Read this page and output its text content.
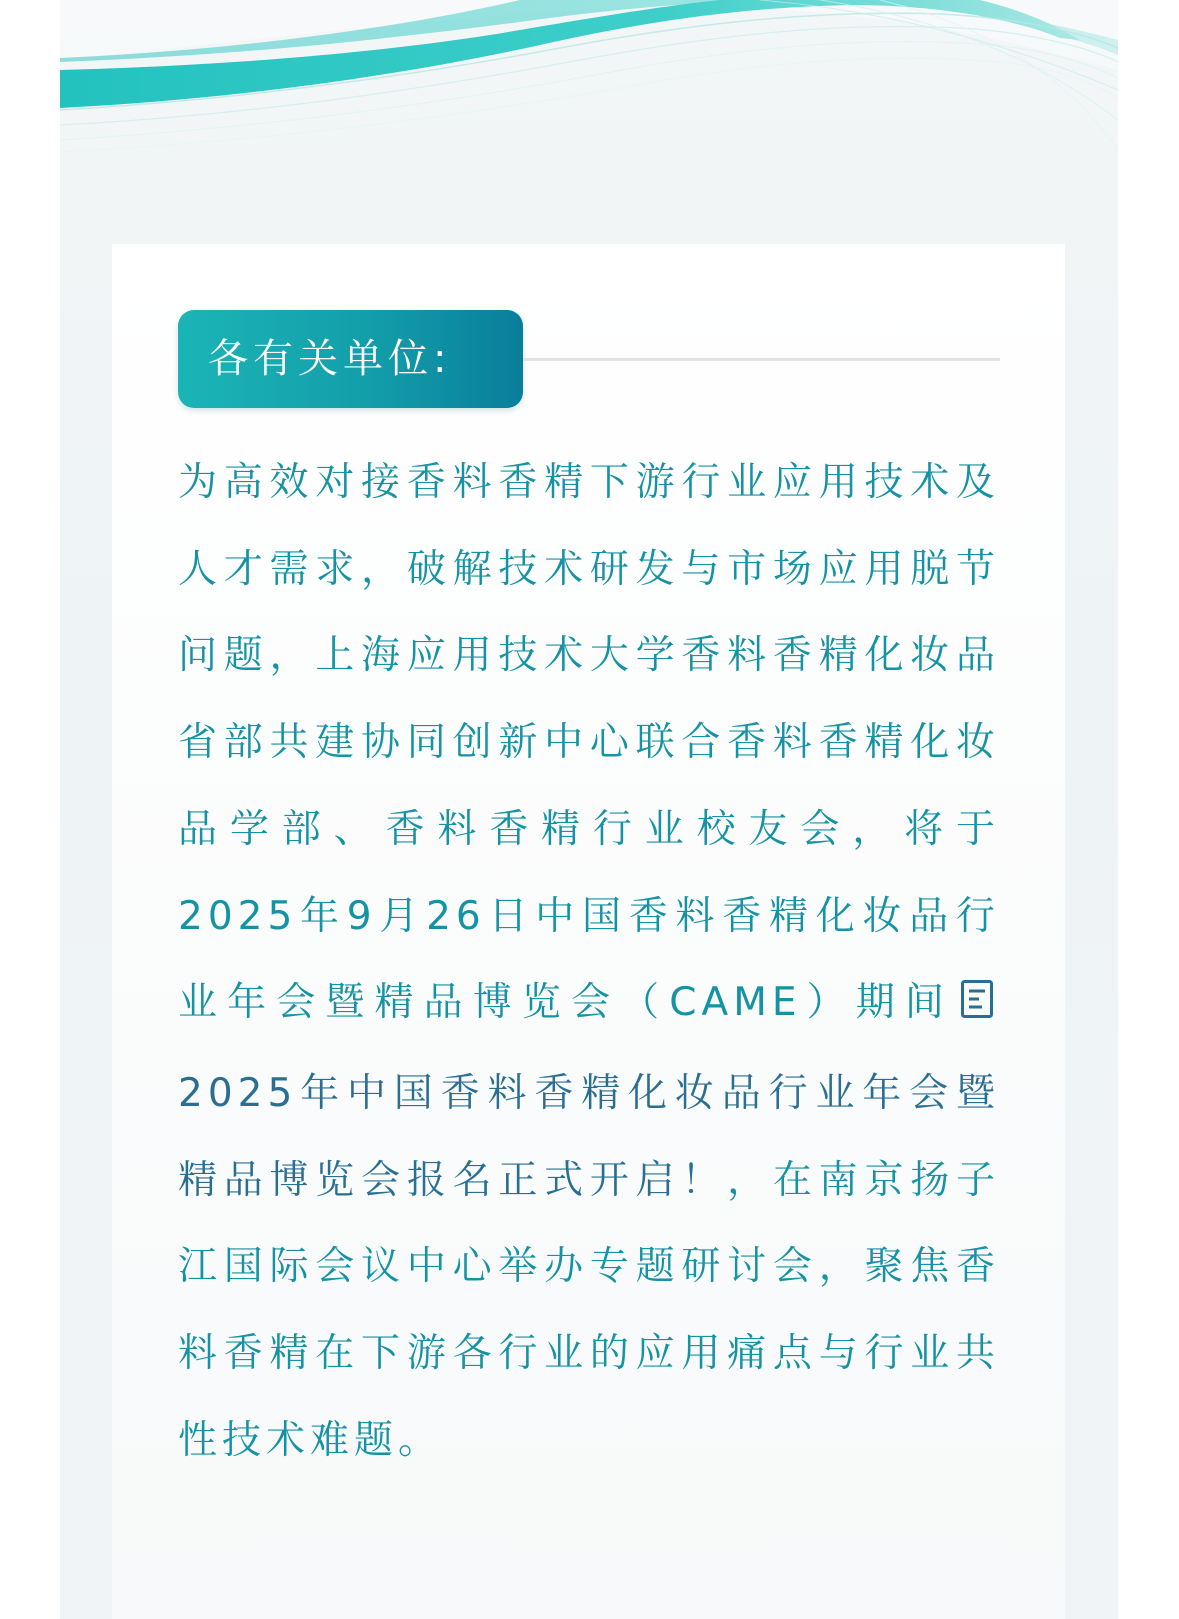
各有关单位:

为高效对接香料香精下游行业应用技术及人才需求，破解技术研发与市场应用脱节问题，上海应用技术大学香料香精化妆品省部共建协同创新中心联合香料香精化妆品学部、香料香精行业校友会，将于2025年9月26日中国香料香精化妆品行业年会暨精品博览会（CAME）期间2025年中国香料香精化妆品行业年会暨精品博览会报名正式开启！，在南京扬子江国际会议中心举办专题研讨会，聚焦香料香精在下游各行业的应用痛点与行业共性技术难题。
